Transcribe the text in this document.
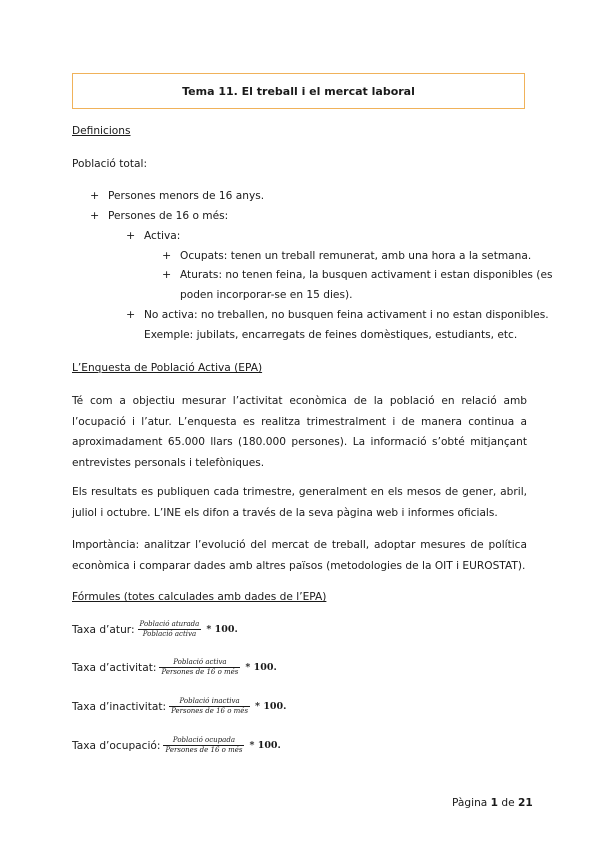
Tema 11. El treball i el mercat laboral
Definicions
Població total:
+ Persones menors de 16 anys.
+ Persones de 16 o més:
+ Activa:
+ Ocupats: tenen un treball remunerat, amb una hora a la setmana.
+ Aturats: no tenen feina, la busquen activament i estan disponibles (es
poden incorporar-se en 15 dies).
+ No activa: no treballen, no busquen feina activament i no estan disponibles.
Exemple: jubilats, encarregats de feines domèstiques, estudiants, etc.
L’Enquesta de Població Activa (EPA)
Té com a objectiu mesurar l’activitat econòmica de la població en relació amb l’ocupació i l’atur. L’enquesta es realitza trimestralment i de manera continua a aproximadament 65.000 llars (180.000 persones). La informació s’obté mitjançant entrevistes personals i telefòniques.
Els resultats es publiquen cada trimestre, generalment en els mesos de gener, abril, juliol i octubre. L’INE els difon a través de la seva pàgina web i informes oficials.
Importància: analitzar l’evolució del mercat de treball, adoptar mesures de política econòmica i comparar dades amb altres països (metodologies de la OIT i EUROSTAT).
Fórmules (totes calculades amb dades de l’EPA)
Taxa d’atur: $\frac{\text{Població aturada}}{\text{Població activa}} * 100$.
Taxa d’activitat: $\frac{\text{Població activa}}{\text{Persones de 16 o més}} * 100$.
Taxa d’inactivitat: $\frac{\text{Població inactiva}}{\text{Persones de 16 o més}} * 100$.
Taxa d’ocupació: $\frac{\text{Població ocupada}}{\text{Persones de 16 o més}} * 100$.
Pàgina 1 de 21
